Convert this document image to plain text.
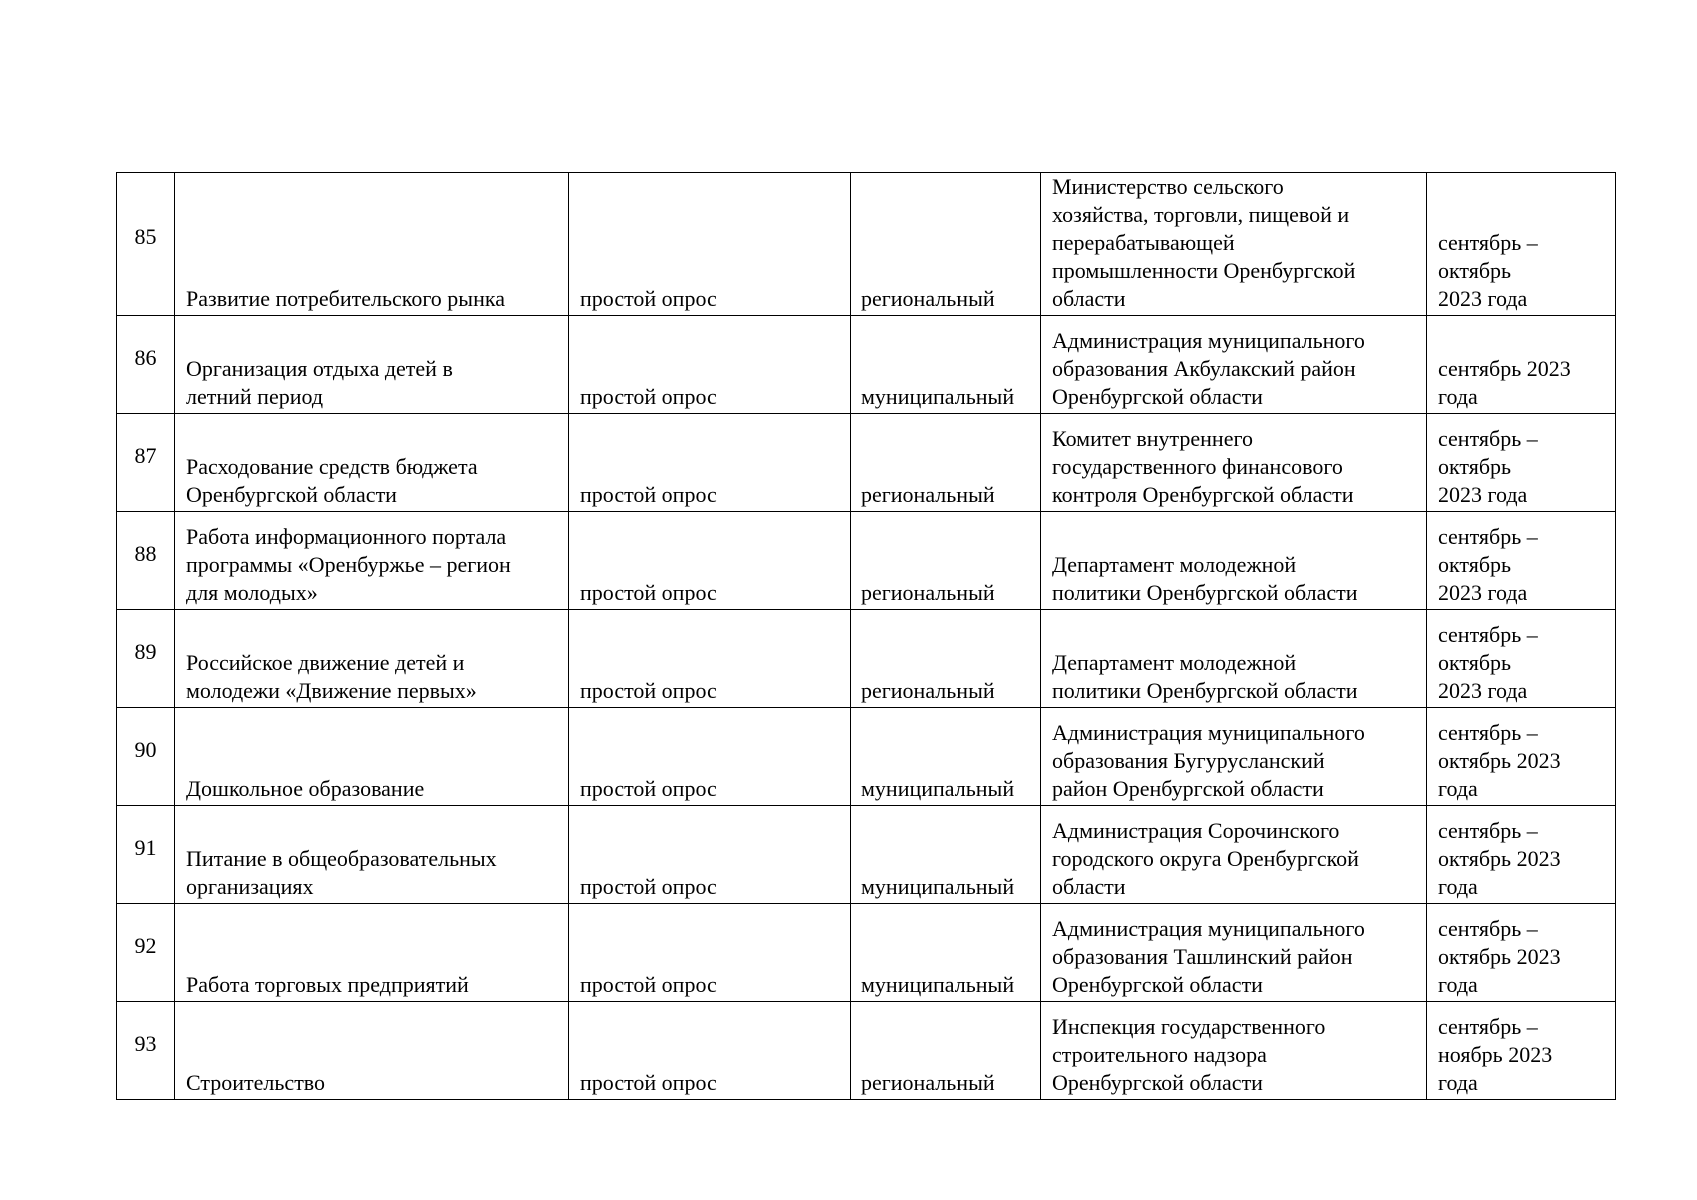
85	Развитие потребительского рынка	простой опрос	региональный	Министерство сельского
хозяйства, торговли, пищевой и
перерабатывающей
промышленности Оренбургской
области	сентябрь –
октябрь
2023 года

86	Организация отдыха детей в
летний период	простой опрос	муниципальный	Администрация муниципального
образования Акбулакский район
Оренбургской области	сентябрь 2023
года

87	Расходование средств бюджета
Оренбургской области	простой опрос	региональный	Комитет внутреннего
государственного финансового
контроля Оренбургской области	сентябрь –
октябрь
2023 года

88	Работа информационного портала
программы «Оренбуржье – регион
для молодых»	простой опрос	региональный	Департамент молодежной
политики Оренбургской области	сентябрь –
октябрь
2023 года

89	Российское движение детей и
молодежи «Движение первых»	простой опрос	региональный	Департамент молодежной
политики Оренбургской области	сентябрь –
октябрь
2023 года

90	Дошкольное образование	простой опрос	муниципальный	Администрация муниципального
образования Бугурусланский
район Оренбургской области	сентябрь –
октябрь 2023
года

91	Питание в общеобразовательных
организациях	простой опрос	муниципальный	Администрация Сорочинского
городского округа Оренбургской
области	сентябрь –
октябрь 2023
года

92	Работа торговых предприятий	простой опрос	муниципальный	Администрация муниципального
образования Ташлинский район
Оренбургской области	сентябрь –
октябрь 2023
года

93	Строительство	простой опрос	региональный	Инспекция государственного
строительного надзора
Оренбургской области	сентябрь –
ноябрь 2023
года
